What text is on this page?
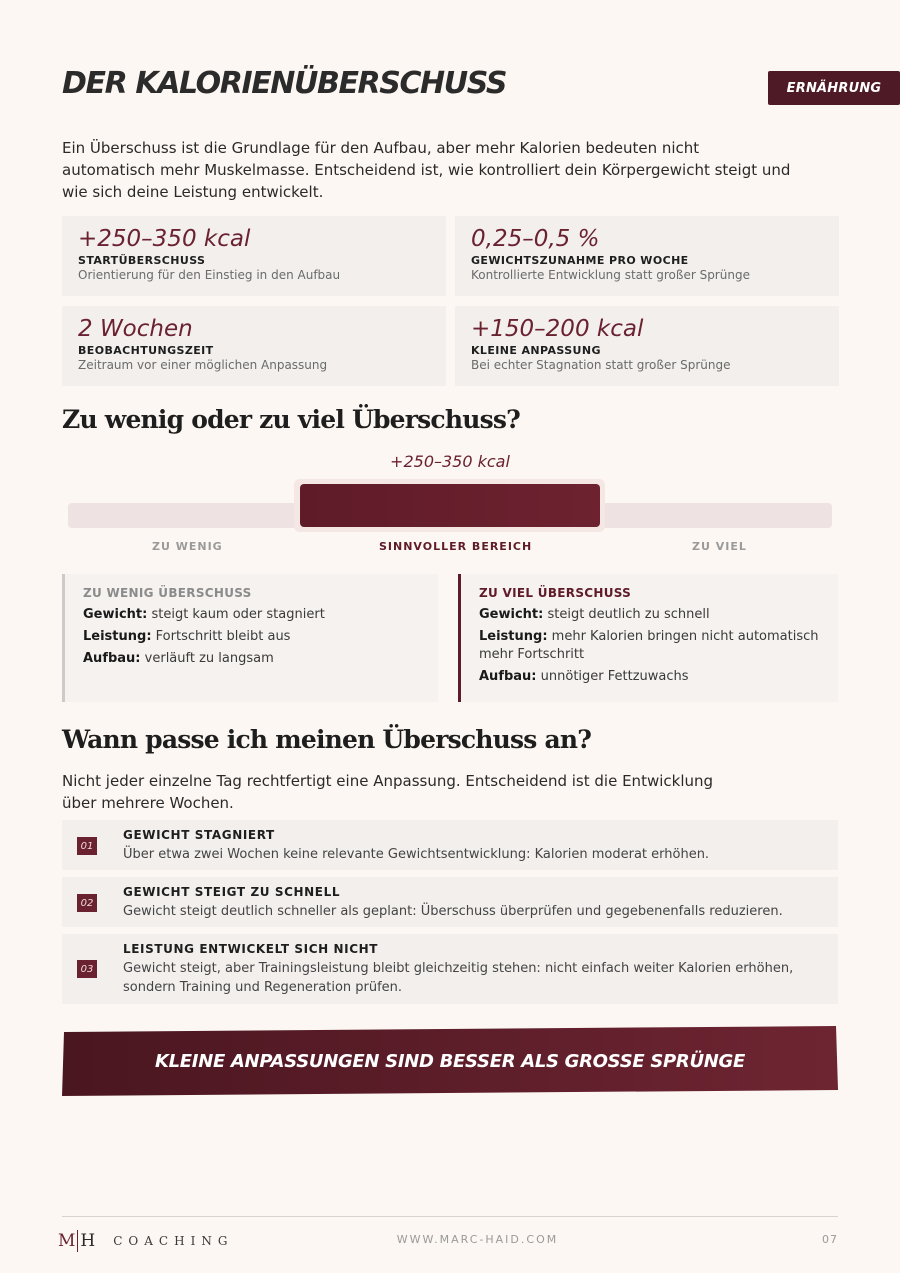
DER KALORIENÜBERSCHUSS	ERNÄHRUNG

Ein Überschuss ist die Grundlage für den Aufbau, aber mehr Kalorien bedeuten nicht automatisch mehr Muskelmasse. Entscheidend ist, wie kontrolliert dein Körpergewicht steigt und wie sich deine Leistung entwickelt.

+250–350 kcal
STARTÜBERSCHUSS
Orientierung für den Einstieg in den Aufbau
0,25–0,5 %
GEWICHTSZUNAHME PRO WOCHE
Kontrollierte Entwicklung statt großer Sprünge
2 Wochen
BEOBACHTUNGSZEIT
Zeitraum vor einer möglichen Anpassung
+150–200 kcal
KLEINE ANPASSUNG
Bei echter Stagnation statt großer Sprünge
Zu wenig oder zu viel Überschuss?
+250–350 kcal
ZU WENIG	SINNVOLLER BEREICH	ZU VIEL
ZU WENIG ÜBERSCHUSS
Gewicht: steigt kaum oder stagniert
Leistung: Fortschritt bleibt aus
Aufbau: verläuft zu langsam
ZU VIEL ÜBERSCHUSS
Gewicht: steigt deutlich zu schnell
Leistung: mehr Kalorien bringen nicht automatisch mehr Fortschritt
Aufbau: unnötiger Fettzuwachs
Wann passe ich meinen Überschuss an?

Nicht jeder einzelne Tag rechtfertigt eine Anpassung. Entscheidend ist die Entwicklung über mehrere Wochen.

01
GEWICHT STAGNIERT
Über etwa zwei Wochen keine relevante Gewichtsentwicklung: Kalorien moderat erhöhen.
02
GEWICHT STEIGT ZU SCHNELL
Gewicht steigt deutlich schneller als geplant: Überschuss überprüfen und gegebenenfalls reduzieren.
03
LEISTUNG ENTWICKELT SICH NICHT
Gewicht steigt, aber Trainingsleistung bleibt gleichzeitig stehen: nicht einfach weiter Kalorien erhöhen, sondern Training und Regeneration prüfen.
KLEINE ANPASSUNGEN SIND BESSER ALS GROSSE SPRÜNGE
M H COACHING	WWW.MARC-HAID.COM	07
